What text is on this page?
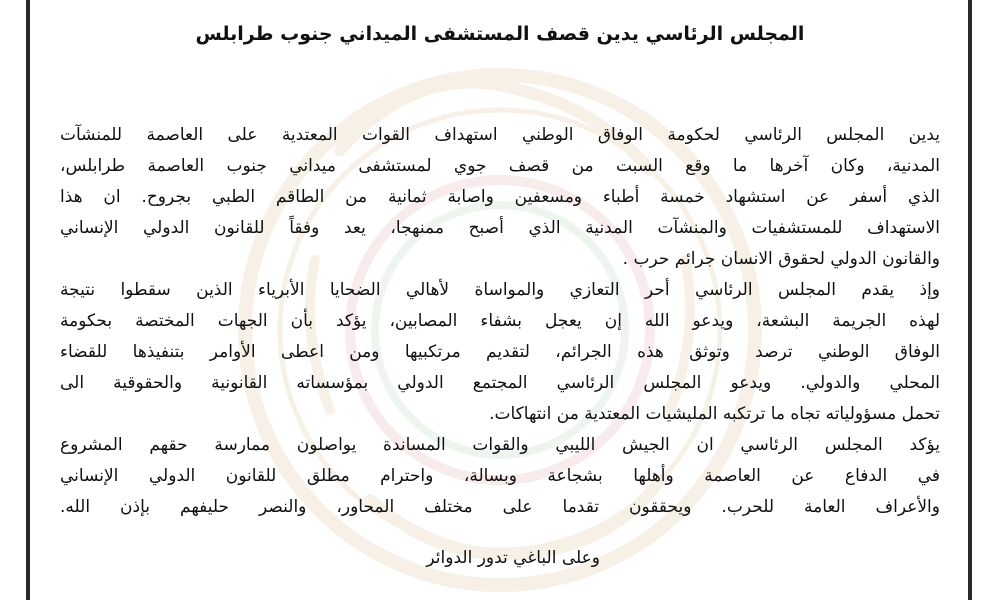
المجلس الرئاسي يدين قصف المستشفى الميداني جنوب طرابلس
يدين المجلس الرئاسي لحكومة الوفاق الوطني استهداف القوات المعتدية على العاصمة للمنشآت
المدنية، وكان آخرها ما وقع السبت من قصف جوي لمستشفى ميداني جنوب العاصمة طرابلس،
الذي أسفر عن استشهاد خمسة أطباء ومسعفين واصابة ثمانية من الطاقم الطبي بجروح. ان هذا
الاستهداف للمستشفيات والمنشآت المدنية الذي أصبح ممنهجا، يعد وفقاً للقانون الدولي الإنساني
والقانون الدولي لحقوق الانسان جرائم حرب .
وإذ يقدم المجلس الرئاسي أحر التعازي والمواساة لأهالي الضحايا الأبرياء الذين سقطوا نتيجة
لهذه الجريمة البشعة، ويدعو الله إن يعجل بشفاء المصابين، يؤكد بأن الجهات المختصة بحكومة
الوفاق الوطني ترصد وتوثق هذه الجرائم، لتقديم مرتكبيها ومن اعطى الأوامر بتنفيذها للقضاء
المحلي والدولي. ويدعو المجلس الرئاسي المجتمع الدولي بمؤسساته القانونية والحقوقية الى
تحمل مسؤولياته تجاه ما ترتكبه المليشيات المعتدية من انتهاكات.
يؤكد المجلس الرئاسي ان الجيش الليبي والقوات المساندة يواصلون ممارسة حقهم المشروع
في الدفاع عن العاصمة وأهلها بشجاعة وبسالة، واحترام مطلق للقانون الدولي الإنساني
والأعراف العامة للحرب. ويحققون تقدما على مختلف المحاور، والنصر حليفهم بإذن الله.
وعلى الباغي تدور الدوائر
